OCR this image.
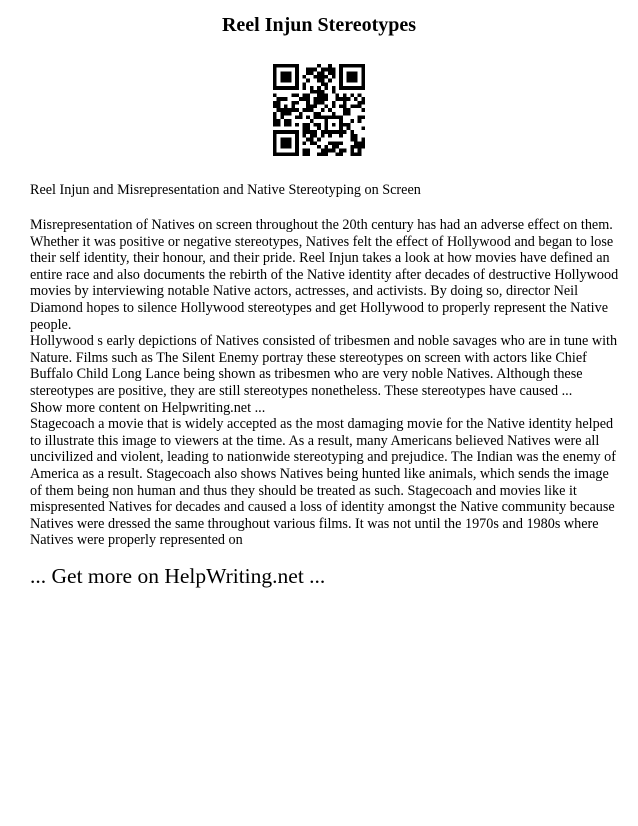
Reel Injun Stereotypes

Reel Injun and Misrepresentation and Native Stereotyping on Screen

Misrepresentation of Natives on screen throughout the 20th century has had an adverse effect on them. Whether it was positive or negative stereotypes, Natives felt the effect of Hollywood and began to lose their self identity, their honour, and their pride. Reel Injun takes a look at how movies have defined an entire race and also documents the rebirth of the Native identity after decades of destructive Hollywood movies by interviewing notable Native actors, actresses, and activists. By doing so, director Neil Diamond hopes to silence Hollywood stereotypes and get Hollywood to properly represent the Native people.

Hollywood s early depictions of Natives consisted of tribesmen and noble savages who are in tune with Nature. Films such as The Silent Enemy portray these stereotypes on screen with actors like Chief Buffalo Child Long Lance being shown as tribesmen who are very noble Natives. Although these stereotypes are positive, they are still stereotypes nonetheless. These stereotypes have caused ...

Show more content on Helpwriting.net ...

Stagecoach a movie that is widely accepted as the most damaging movie for the Native identity helped to illustrate this image to viewers at the time. As a result, many Americans believed Natives were all uncivilized and violent, leading to nationwide stereotyping and prejudice. The Indian was the enemy of America as a result. Stagecoach also shows Natives being hunted like animals, which sends the image of them being non human and thus they should be treated as such. Stagecoach and movies like it mispresented Natives for decades and caused a loss of identity amongst the Native community because Natives were dressed the same throughout various films. It was not until the 1970s and 1980s where Natives were properly represented on

... Get more on HelpWriting.net ...
